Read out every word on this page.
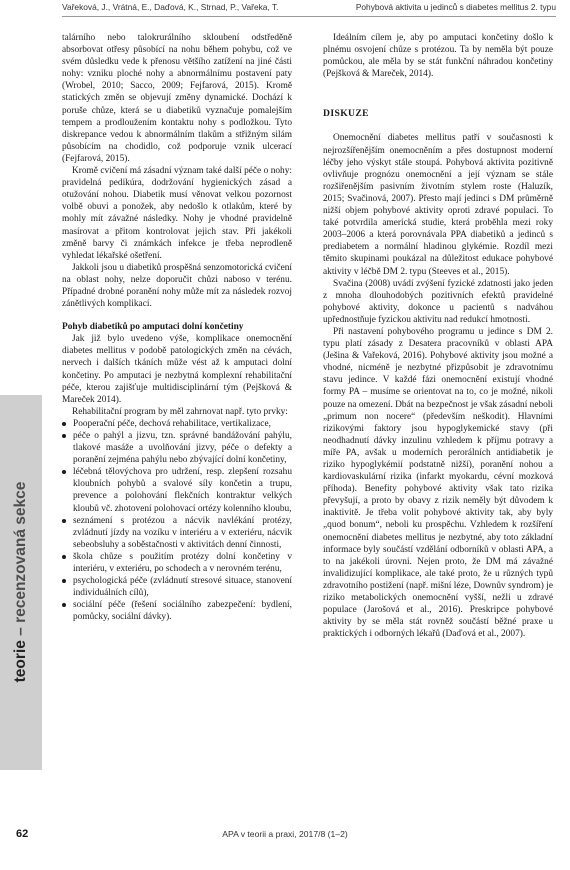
Vařeková, J., Vrátná, E., Daďová, K., Strnad, P., Vařeka, T.	Pohybová aktivita u jedinců s diabetes mellitus 2. typu
teorie – recenzovaná sekce

talárního nebo talokrurálního skloubení odstředěně absorbovat otřesy působící na nohu během pohybu, což ve svém důsledku vede k přenosu většího zatížení na jiné části nohy: vzniku ploché nohy a abnormálnímu postavení paty (Wrobel, 2010; Sacco, 2009; Fejfarová, 2015). Kromě statických změn se objevují změny dynamické. Dochází k poruše chůze, která se u diabetiků vyznačuje pomalejším tempem a prodloužením kontaktu nohy s podložkou. Tyto diskrepance vedou k abnormálním tlakům a střižným silám působícím na chodidlo, což podporuje vznik ulcerací (Fejfarová, 2015).

Kromě cvičení má zásadní význam také další péče o nohy: pravidelná pedikúra, dodržování hygienických zásad a otužování nohou. Diabetik musí věnovat velkou pozornost volbě obuvi a ponožek, aby nedošlo k otlakům, které by mohly mít závažné následky. Nohy je vhodné pravidelně masírovat a přitom kontrolovat jejich stav. Při jakékoli změně barvy či známkách infekce je třeba neprodleně vyhledat lékařské ošetření.

Jakkoli jsou u diabetiků prospěšná senzomotorická cvičení na oblast nohy, nelze doporučit chůzi naboso v terénu. Případné drobné poranění nohy může mít za následek rozvoj zánětlivých komplikací.

Pohyb diabetiků po amputaci dolní končetiny

Jak již bylo uvedeno výše, komplikace onemocnění diabetes mellitus v podobě patologických změn na cévách, nervech i dalších tkáních může vést až k amputaci dolní končetiny. Po amputaci je nezbytná komplexní rehabilitační péče, kterou zajišťuje multidisciplinární tým (Pejšková & Mareček 2014).

Rehabilitační program by měl zahrnovat např. tyto prvky:

Pooperační péče, dechová rehabilitace, vertikalizace,
péče o pahýl a jizvu, tzn. správné bandážování pahýlu, tlakové masáže a uvolňování jizvy, péče o defekty a poranění zejména pahýlu nebo zbývající dolní končetiny,
léčebná tělovýchova pro udržení, resp. zlepšení rozsahu kloubních pohybů a svalové síly končetin a trupu, prevence a polohování flekčních kontraktur velkých kloubů vč. zhotovení polohovací ortézy kolenního kloubu,
seznámení s protézou a nácvik navlékání protézy, zvládnutí jízdy na vozíku v interiéru a v exteriéru, nácvik sebeobsluhy a soběstačnosti v aktivitách denní činnosti,
škola chůze s použitím protézy dolní končetiny v interiéru, v exteriéru, po schodech a v nerovném terénu,
psychologická péče (zvládnutí stresové situace, stanovení individuálních cílů),
sociální péče (řešení sociálního zabezpečení: bydlení, pomůcky, sociální dávky).

Ideálním cílem je, aby po amputaci končetiny došlo k plnému osvojení chůze s protézou. Ta by neměla být pouze pomůckou, ale měla by se stát funkční náhradou končetiny (Pejšková & Mareček, 2014).

DISKUZE

Onemocnění diabetes mellitus patří v současnosti k nejrozšířenějším onemocněním a přes dostupnost moderní léčby jeho výskyt stále stoupá. Pohybová aktivita pozitivně ovlivňuje prognózu onemocnění a její význam se stále rozšiřenějším pasivním životním stylem roste (Haluzík, 2015; Svačinová, 2007). Přesto mají jedinci s DM průměrně nižší objem pohybové aktivity oproti zdravé populaci. To také potvrdila americká studie, která proběhla mezi roky 2003–2006 a která porovnávala PPA diabetiků a jedinců s prediabetem a normální hladinou glykémie. Rozdíl mezi těmito skupinami poukázal na důležitost edukace pohybové aktivity v léčbě DM 2. typu (Steeves et al., 2015).

Svačina (2008) uvádí zvýšení fyzické zdatnosti jako jeden z mnoha dlouhodobých pozitivních efektů pravidelné pohybové aktivity, dokonce u pacientů s nadváhou upřednostňuje fyzickou aktivitu nad redukcí hmotnosti.

Při nastavení pohybového programu u jedince s DM 2. typu platí zásady z Desatera pracovníků v oblasti APA (Ješina & Vařeková, 2016). Pohybové aktivity jsou možné a vhodné, nicméně je nezbytné přizpůsobit je zdravotnímu stavu jedince. V každé fázi onemocnění existují vhodné formy PA – musíme se orientovat na to, co je možné, nikoli pouze na omezení. Dbát na bezpečnost je však zásadní neboli „primum non nocere“ (především neškodit). Hlavními rizikovými faktory jsou hypoglykemické stavy (při neodhadnutí dávky inzulinu vzhledem k příjmu potravy a míře PA, avšak u moderních perorálních antidiabetik je riziko hypoglykémií podstatně nižší), poranění nohou a kardiovaskulární rizika (infarkt myokardu, cévní mozková příhoda). Benefity pohybové aktivity však tato rizika převyšují, a proto by obavy z rizik neměly být důvodem k inaktivitě. Je třeba volit pohybové aktivity tak, aby byly „quod bonum“, neboli ku prospěchu. Vzhledem k rozšíření onemocnění diabetes mellitus je nezbytné, aby toto základní informace byly součástí vzdělání odborníků v oblasti APA, a to na jakékoli úrovni. Nejen proto, že DM má závažné invalidizující komplikace, ale také proto, že u různých typů zdravotního postižení (např. mišní léze, Downův syndrom) je riziko metabolických onemocnění vyšší, nežli u zdravé populace (Jarošová et al., 2016). Preskripce pohybové aktivity by se měla stát rovněž součástí běžné praxe u praktických i odborných lékařů (Daďová et al., 2007).

62	APA v teorii a praxi, 2017/8 (1–2)
